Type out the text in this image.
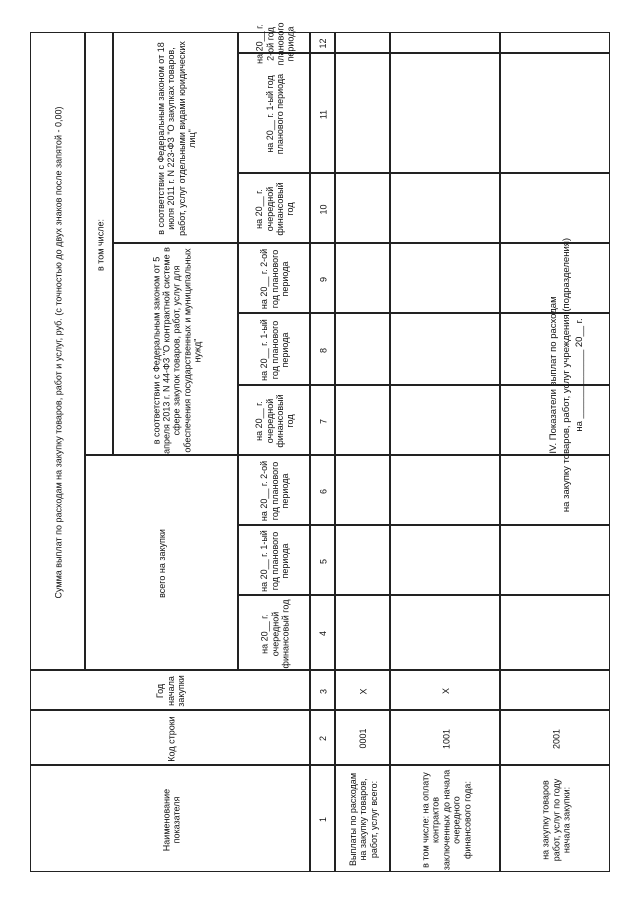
IV. Показатели выплат по расходам на закупку товаров, работ, услуг учреждения (подразделения) на _____________ 20__ г.
Наименование показателя
Код строки
Год начала закупки
Сумма выплат по расходам на закупку товаров, работ и услуг, руб. (с точностью до двух знаков после запятой - 0,00)	всего на закупки
в том числе:
в соответствии с Федеральным законом от 5 апреля 2013 г. N 44-ФЗ "О контрактной системе в сфере закупок товаров, работ, услуг для обеспечения государственных и муниципальных нужд"
в соответствии с Федеральным законом от 18 июля 2011 г. N 223-ФЗ "О закупках товаров, работ, услуг отдельными видами юридических лиц"
на 20__ г. очередной финансовый год
на 20__ г. 1-ый год планового периода
на 20__ г. 2-ой год планового периода
на 20__ г. очередной финансовый год
на 20__ г. 1-ый год планового периода
на 20__ г. 2-ой год планового периода
на 20__ г. очередной финансовый год
на 20__ г. 1-ый год планового периода
на 20__ г. 2-ой год планового периода
1
2
3
4
5
6
7
8
9
10
11
12
Выплаты по расходам на закупку товаров, работ, услуг всего:
0001
X
в том числе: на оплату контрактов заключенных до начала очередного финансового года:
1001
X
на закупку товаров работ, услуг по году начала закупки:
2001
